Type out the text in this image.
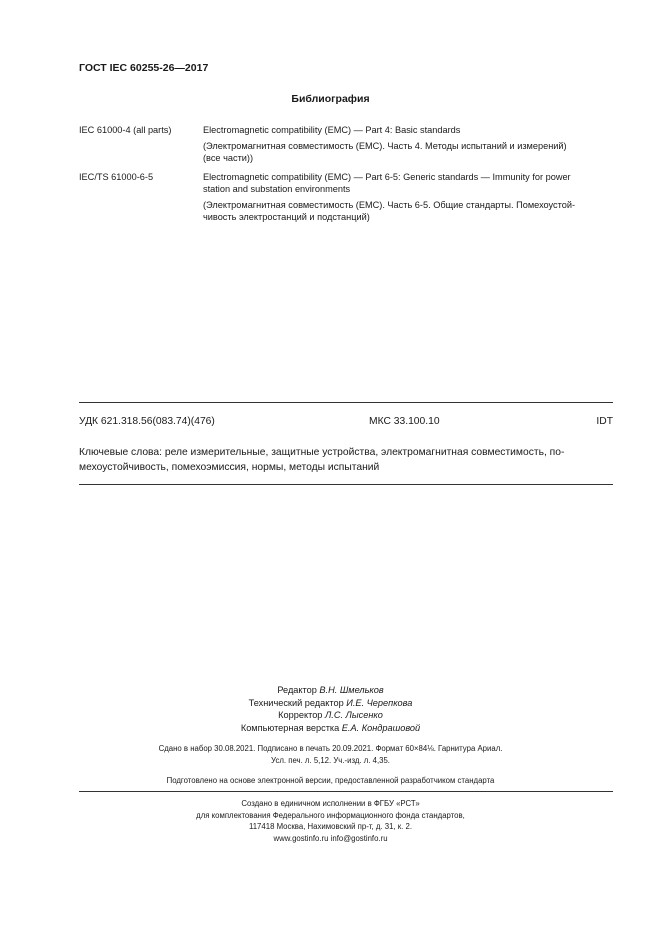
ГОСТ IEC 60255-26—2017
Библиография
IEC 61000-4 (all parts)	Electromagnetic compatibility (EMC) — Part 4: Basic standards
(Электромагнитная совместимость (EMC). Часть 4. Методы испытаний и измерений)
(все части))
IEC/TS 61000-6-5	Electromagnetic compatibility (EMC) — Part 6-5: Generic standards — Immunity for power
station and substation environments
(Электромагнитная совместимость (EMC). Часть 6-5. Общие стандарты. Помехоустой-
чивость электростанций и подстанций)
УДК 621.318.56(083.74)(476)	МКС 33.100.10	IDT
Ключевые слова: реле измерительные, защитные устройства, электромагнитная совместимость, по-
мехоустойчивость, помехоэмиссия, нормы, методы испытаний
Редактор В.Н. Шмельков
Технический редактор И.Е. Черепкова
Корректор Л.С. Лысенко
Компьютерная верстка Е.А. Кондрашовой
Сдано в набор 30.08.2021. Подписано в печать 20.09.2021. Формат 60×84⅛. Гарнитура Ариал.
Усл. печ. л. 5,12. Уч.-изд. л. 4,35.
Подготовлено на основе электронной версии, предоставленной разработчиком стандарта
Создано в единичном исполнении в ФГБУ «РСТ»
для комплектования Федерального информационного фонда стандартов,
117418 Москва, Нахимовский пр-т, д. 31, к. 2.
www.gostinfo.ru info@gostinfo.ru
